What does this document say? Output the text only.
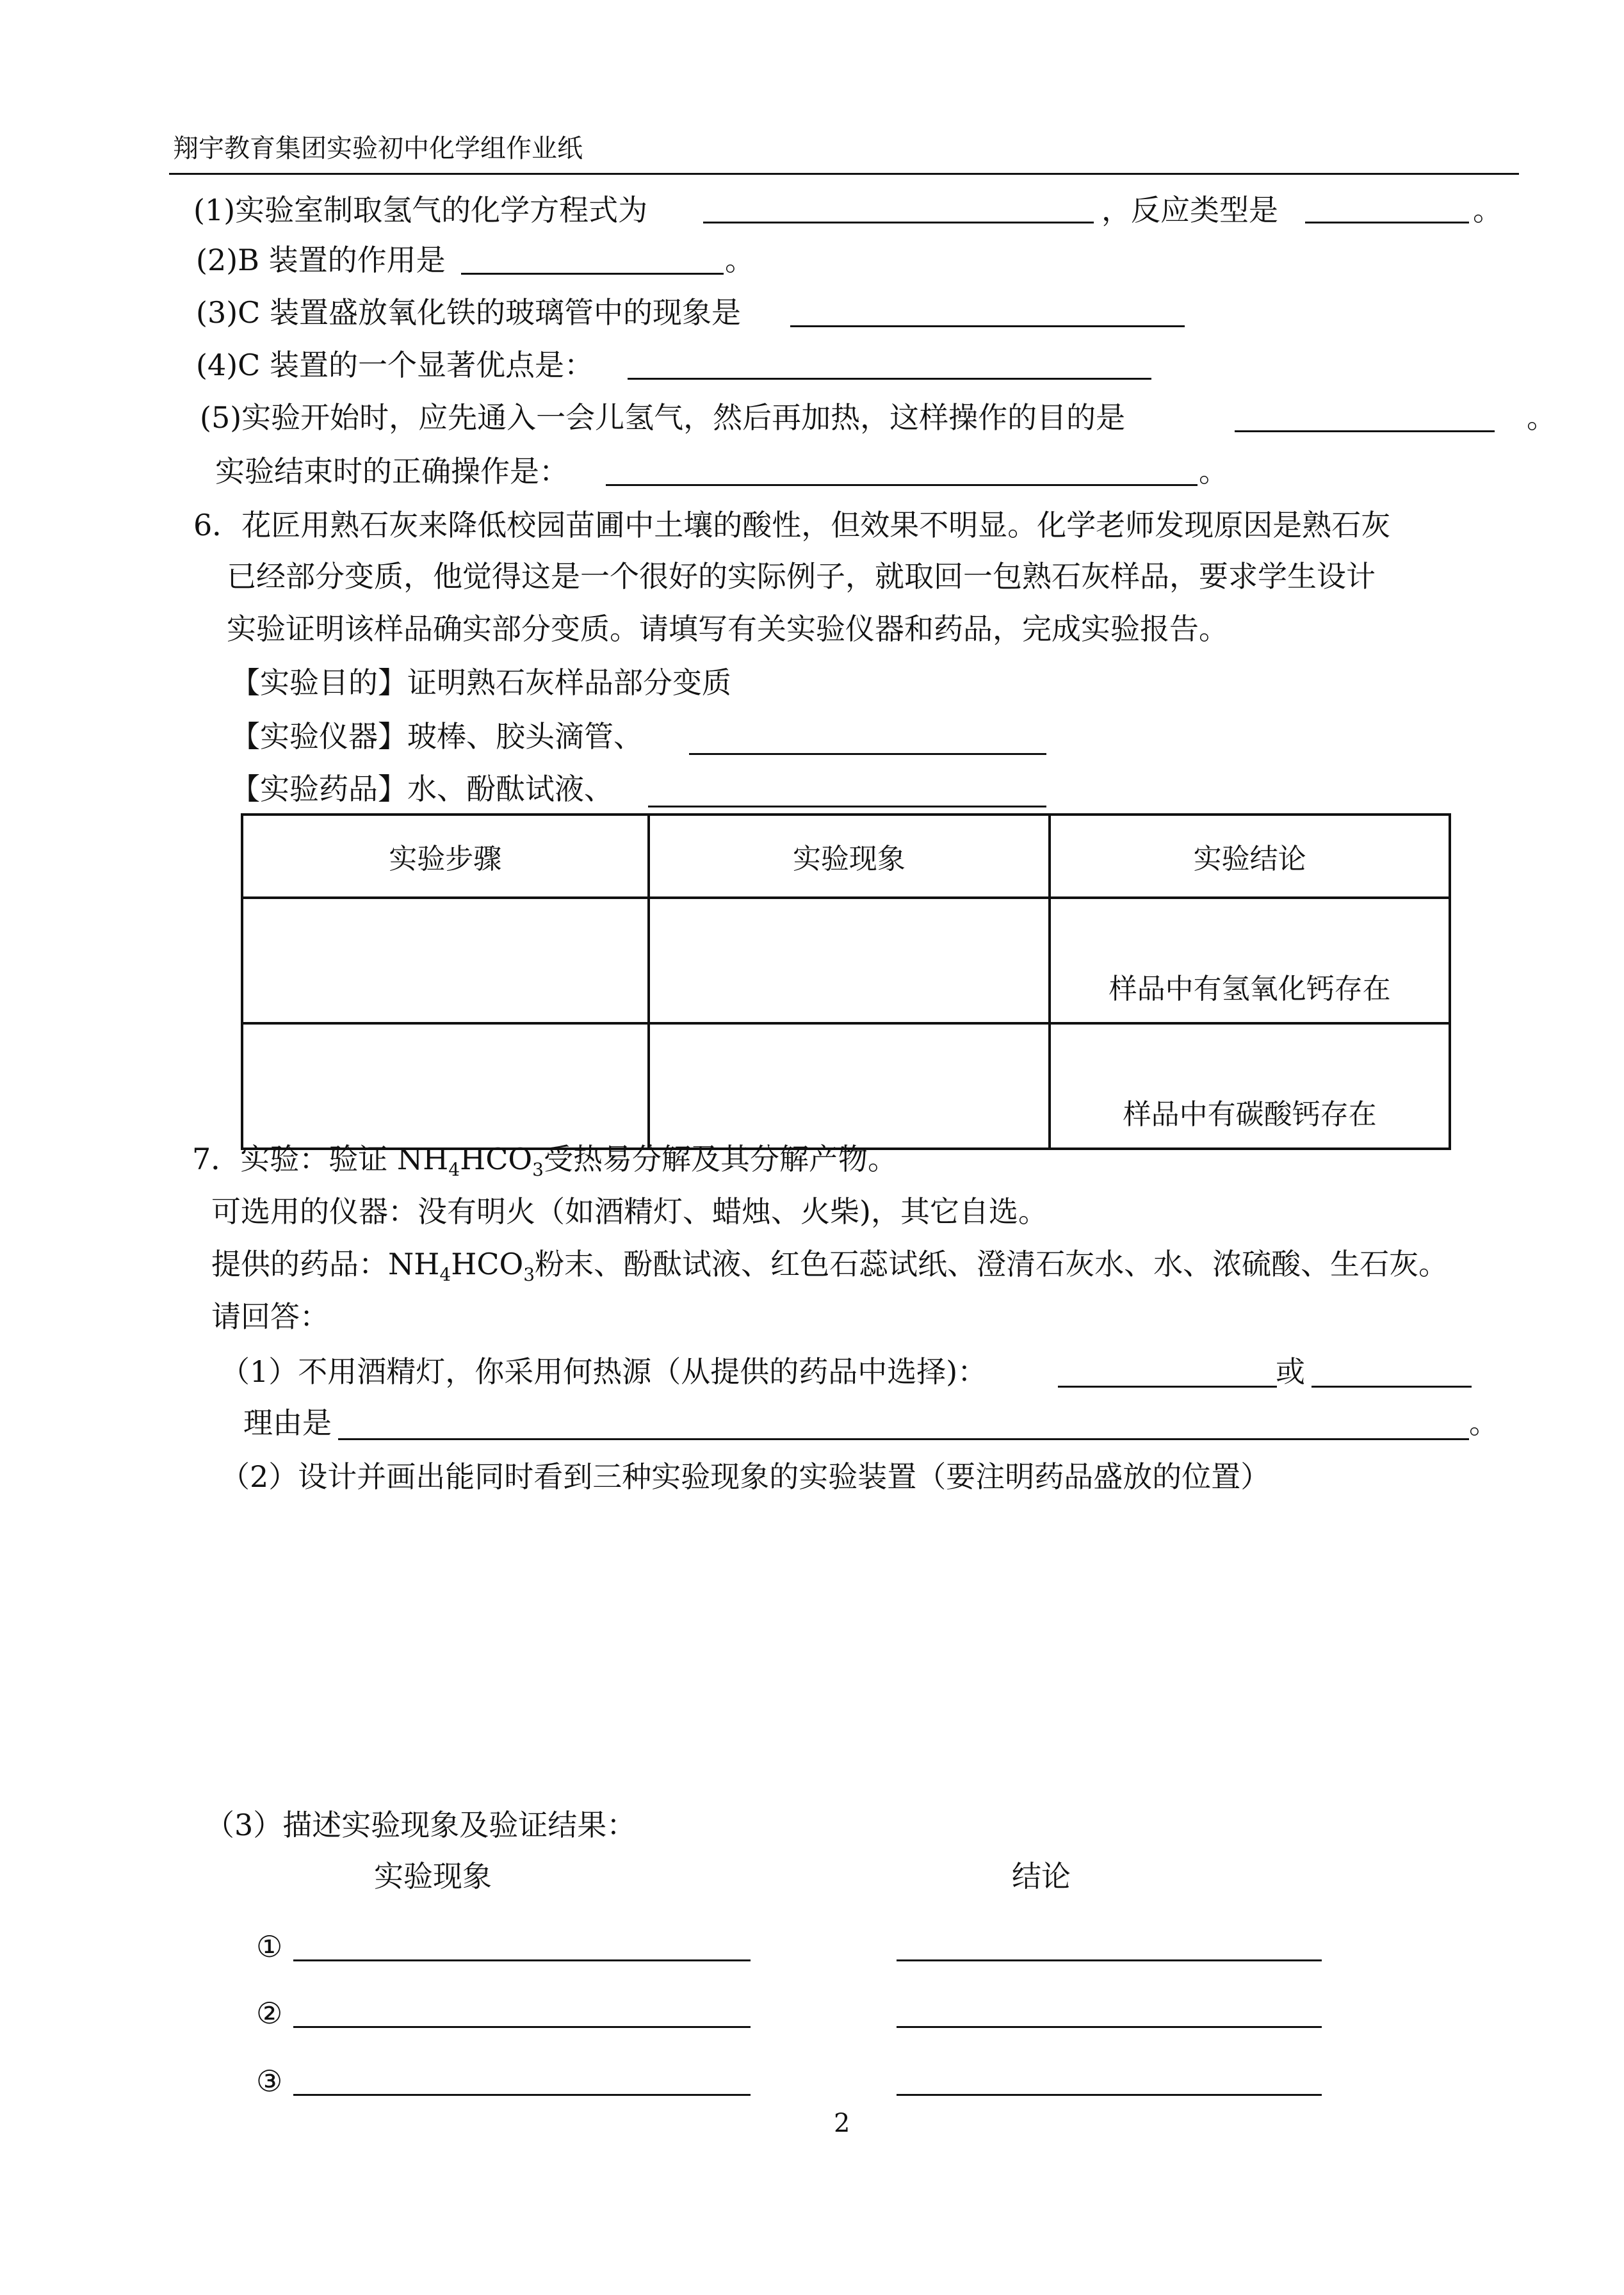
翔宇教育集团实验初中化学组作业纸
(1)实验室制取氢气的化学方程式为	，反应类型是	。
(2)B 装置的作用是	。
(3)C 装置盛放氧化铁的玻璃管中的现象是
(4)C 装置的一个显著优点是：
(5)实验开始时，应先通入一会儿氢气，然后再加热，这样操作的目的是	。
实验结束时的正确操作是：	。
6．花匠用熟石灰来降低校园苗圃中土壤的酸性，但效果不明显。化学老师发现原因是熟石灰
已经部分变质，他觉得这是一个很好的实际例子，就取回一包熟石灰样品，要求学生设计
实验证明该样品确实部分变质。请填写有关实验仪器和药品，完成实验报告。
【实验目的】证明熟石灰样品部分变质
【实验仪器】玻棒、胶头滴管、
【实验药品】水、酚酞试液、
实验步骤	实验现象	实验结论
		样品中有氢氧化钙存在
		样品中有碳酸钙存在
7．实验：验证 $NH_4HCO_3$受热易分解及其分解产物。
可选用的仪器：没有明火（如酒精灯、蜡烛、火柴)，其它自选。
提供的药品：$NH_4HCO_3$粉末、酚酞试液、红色石蕊试纸、澄清石灰水、水、浓硫酸、生石灰。
请回答：
（1）不用酒精灯，你采用何热源（从提供的药品中选择)：	或
理由是	。
（2）设计并画出能同时看到三种实验现象的实验装置（要注明药品盛放的位置）
（3）描述实验现象及验证结果：
实验现象	结论
①
②
③
2
